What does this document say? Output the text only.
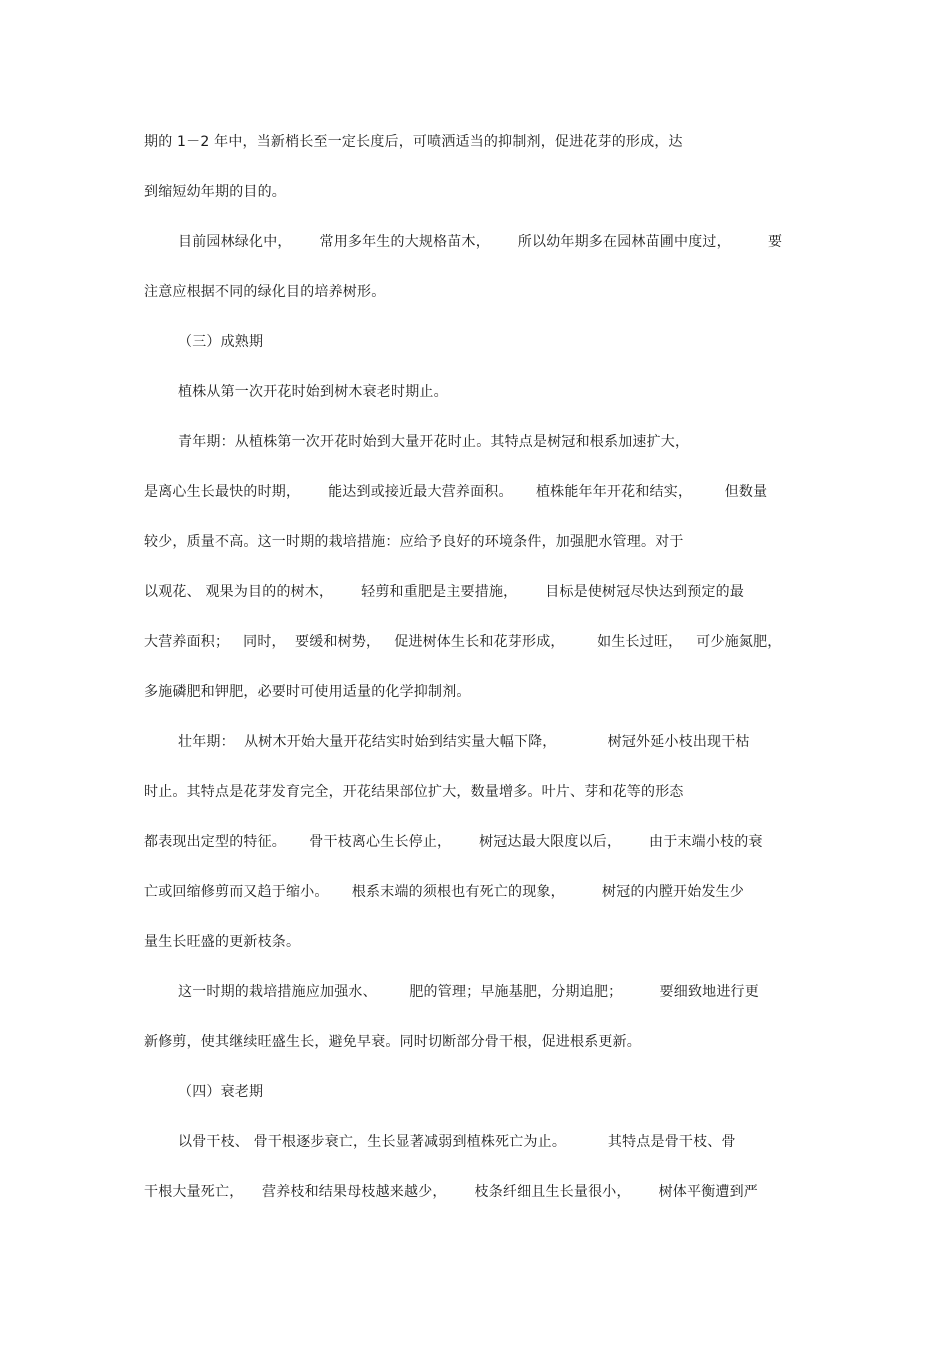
期的 1－2 年中，当新梢长至一定长度后，可喷洒适当的抑制剂，促进花芽的形成，达
到缩短幼年期的目的。
目前园林绿化中，      常用多年生的大规格苗木，      所以幼年期多在园林苗圃中度过，        要
注意应根据不同的绿化目的培养树形。
（三）成熟期
植株从第一次开花时始到树木衰老时期止。
青年期：从植株第一次开花时始到大量开花时止。其特点是树冠和根系加速扩大，
是离心生长最快的时期，      能达到或接近最大营养面积。     植株能年年开花和结实，       但数量
较少，质量不高。这一时期的栽培措施：应给予良好的环境条件，加强肥水管理。对于
以观花、 观果为目的的树木，      轻剪和重肥是主要措施，      目标是使树冠尽快达到预定的最
大营养面积；   同时，  要缓和树势，   促进树体生长和花芽形成，       如生长过旺，   可少施氮肥，
多施磷肥和钾肥，必要时可使用适量的化学抑制剂。
壮年期：  从树木开始大量开花结实时始到结实量大幅下降，           树冠外延小枝出现干枯
时止。其特点是花芽发育完全，开花结果部位扩大，数量增多。叶片、芽和花等的形态
都表现出定型的特征。     骨干枝离心生长停止，      树冠达最大限度以后，      由于末端小枝的衰
亡或回缩修剪而又趋于缩小。     根系末端的须根也有死亡的现象，        树冠的内膛开始发生少
量生长旺盛的更新枝条。
这一时期的栽培措施应加强水、       肥的管理；早施基肥，分期追肥；        要细致地进行更
新修剪，使其继续旺盛生长，避免早衰。同时切断部分骨干根，促进根系更新。
（四）衰老期
以骨干枝、 骨干根逐步衰亡，生长显著减弱到植株死亡为止。         其特点是骨干枝、骨
干根大量死亡，    营养枝和结果母枝越来越少，      枝条纤细且生长量很小，      树体平衡遭到严
